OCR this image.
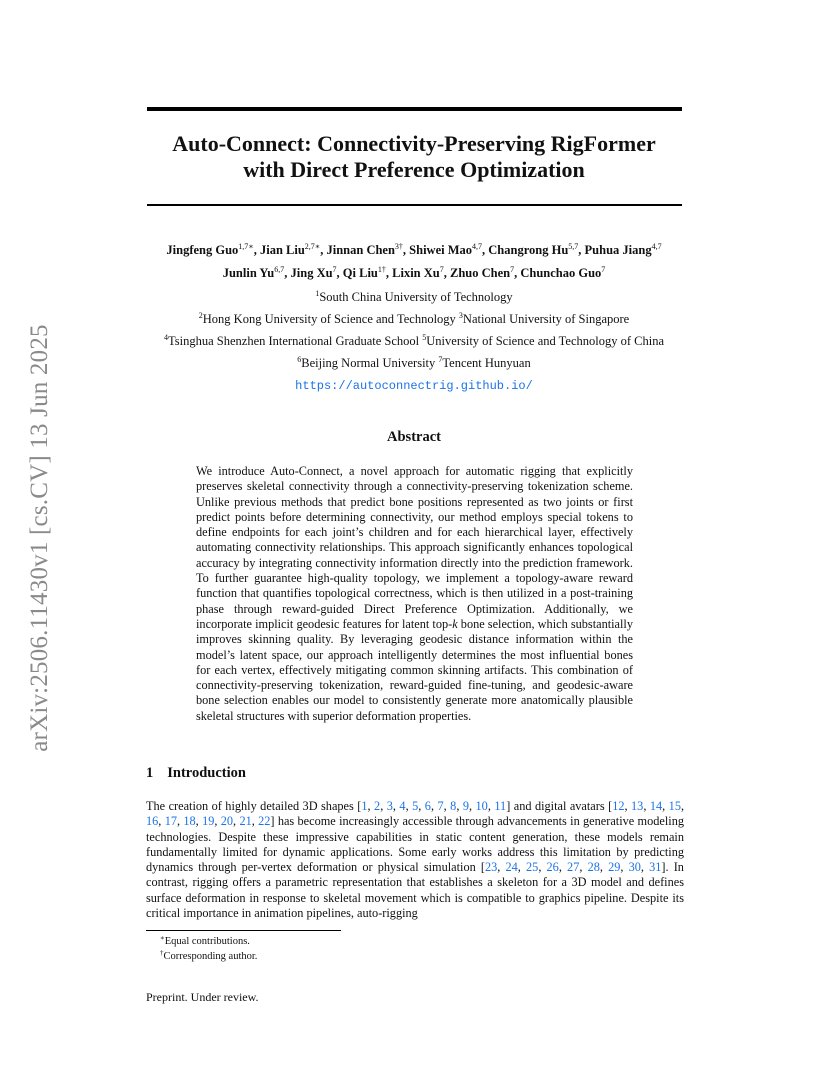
Auto-Connect: Connectivity-Preserving RigFormer
with Direct Preference Optimization
arXiv:2506.11430v1 [cs.CV] 13 Jun 2025
Jingfeng Guo$^{1,7∗}$, Jian Liu$^{2,7∗}$, Jinnan Chen$^{3\dagger}$, Shiwei Mao$^{4,7}$, Changrong Hu$^{5,7}$, Puhua Jiang$^{4,7}$
Junlin Yu$^{6,7}$, Jing Xu$^7$, Qi Liu$^{1\dagger}$, Lixin Xu$^7$, Zhuo Chen$^7$, Chunchao Guo$^7$
$^1$South China University of Technology
$^2$Hong Kong University of Science and Technology $^3$National University of Singapore
$^4$Tsinghua Shenzhen International Graduate School $^5$University of Science and Technology of China
$^6$Beijing Normal University $^7$Tencent Hunyuan
https://autoconnectrig.github.io/
Abstract
We introduce Auto-Connect, a novel approach for automatic rigging that explicitly preserves skeletal connectivity through a connectivity-preserving tokenization scheme. Unlike previous methods that predict bone positions represented as two joints or first predict points before determining connectivity, our method employs special tokens to define endpoints for each joint’s children and for each hierarchical layer, effectively automating connectivity relationships. This approach significantly enhances topological accuracy by integrating connectivity information directly into the prediction framework. To further guarantee high-quality topology, we implement a topology-aware reward function that quantifies topological correctness, which is then utilized in a post-training phase through reward-guided Direct Preference Optimization. Additionally, we incorporate implicit geodesic features for latent top-k bone selection, which substantially improves skinning quality. By leveraging geodesic distance information within the model’s latent space, our approach intelligently determines the most influential bones for each vertex, effectively mitigating common skinning artifacts. This combination of connectivity-preserving tokenization, reward-guided fine-tuning, and geodesic-aware bone selection enables our model to consistently generate more anatomically plausible skeletal structures with superior deformation properties.
1 Introduction
The creation of highly detailed 3D shapes [1, 2, 3, 4, 5, 6, 7, 8, 9, 10, 11] and digital avatars [12, 13, 14, 15, 16, 17, 18, 19, 20, 21, 22] has become increasingly accessible through advancements in generative modeling technologies. Despite these impressive capabilities in static content generation, these models remain fundamentally limited for dynamic applications. Some early works address this limitation by predicting dynamics through per-vertex deformation or physical simulation [23, 24, 25, 26, 27, 28, 29, 30, 31]. In contrast, rigging offers a parametric representation that establishes a skeleton for a 3D model and defines surface deformation in response to skeletal movement which is compatible to graphics pipeline. Despite its critical importance in animation pipelines, auto-rigging
∗Equal contributions.
†Corresponding author.
Preprint. Under review.
